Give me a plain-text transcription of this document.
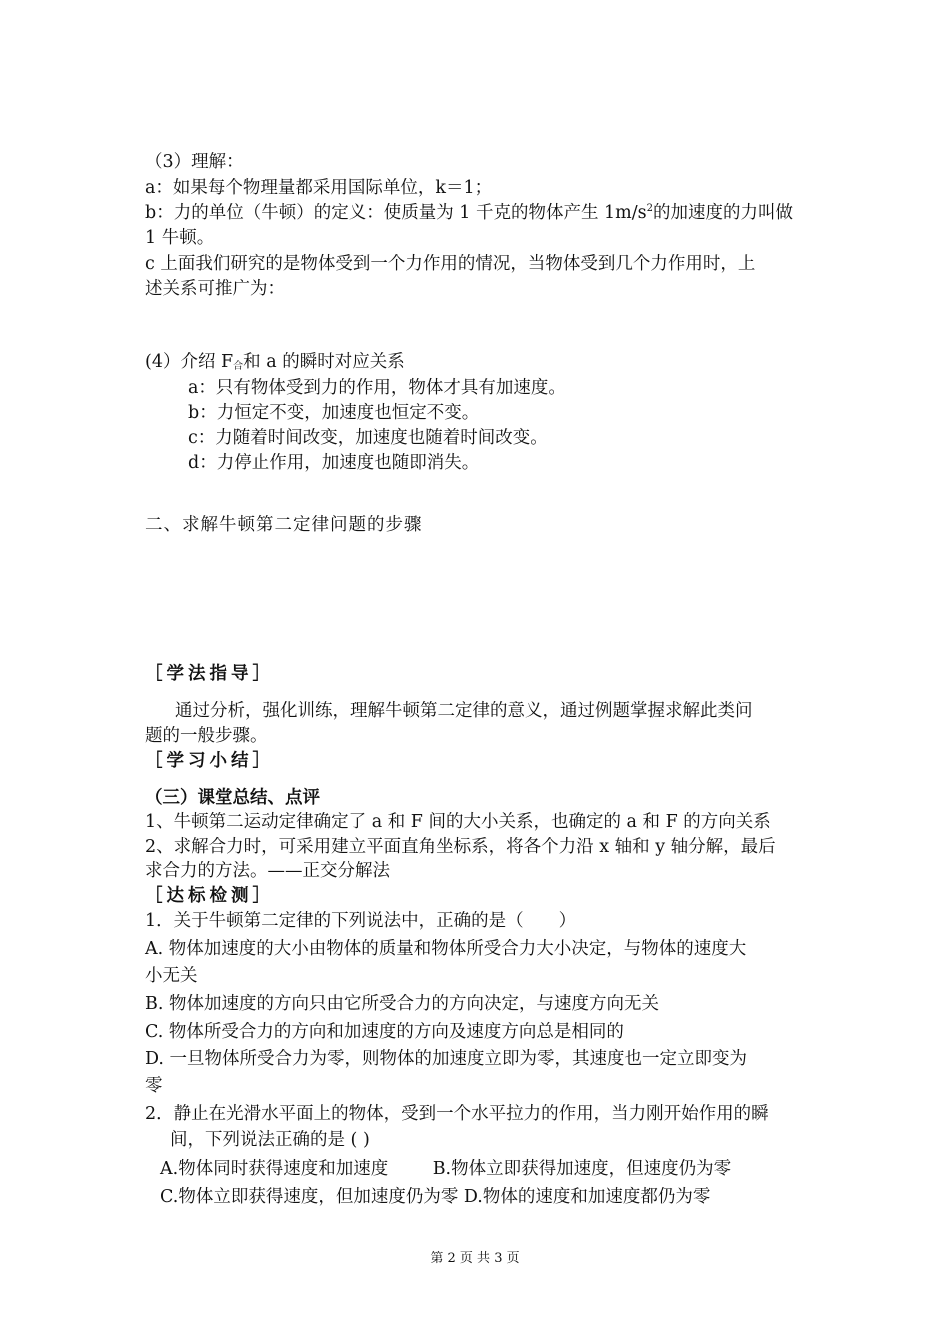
（3）理解：
a：如果每个物理量都采用国际单位，k＝1；
b：力的单位（牛顿）的定义：使质量为 1 千克的物体产生 $1m/s^2$的加速度的力叫做
1 牛顿。
c 上面我们研究的是物体受到一个力作用的情况，当物体受到几个力作用时，上
述关系可推广为：
(4）介绍 $F_合$和 a 的瞬时对应关系
a：只有物体受到力的作用，物体才具有加速度。
b：力恒定不变，加速度也恒定不变。
c：力随着时间改变，加速度也随着时间改变。
d：力停止作用，加速度也随即消失。
二、求解牛顿第二定律问题的步骤
［学法指导］
通过分析，强化训练，理解牛顿第二定律的意义，通过例题掌握求解此类问
题的一般步骤。
［学习小结］
（三）课堂总结、点评
1、牛顿第二运动定律确定了 a 和 F 间的大小关系，也确定的 a 和 F 的方向关系
2、求解合力时，可采用建立平面直角坐标系，将各个力沿 x 轴和 y 轴分解，最后
求合力的方法。——正交分解法
［达标检测］
1．关于牛顿第二定律的下列说法中，正确的是（　　）
A. 物体加速度的大小由物体的质量和物体所受合力大小决定，与物体的速度大
小无关
B. 物体加速度的方向只由它所受合力的方向决定，与速度方向无关
C. 物体所受合力的方向和加速度的方向及速度方向总是相同的
D. 一旦物体所受合力为零，则物体的加速度立即为零，其速度也一定立即变为
零
2．静止在光滑水平面上的物体，受到一个水平拉力的作用，当力刚开始作用的瞬
间，下列说法正确的是 ( )
A.物体同时获得速度和加速度        B.物体立即获得加速度，但速度仍为零
C.物体立即获得速度，但加速度仍为零 D.物体的速度和加速度都仍为零
第 2 页 共 3 页
